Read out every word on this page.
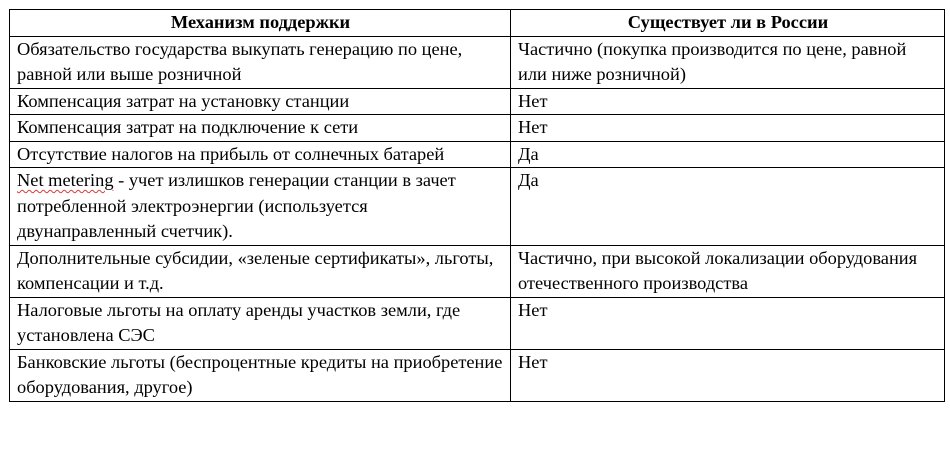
Механизм поддержки	Существует ли в России
Обязательство государства выкупать генерацию по цене, равной или выше розничной	Частично (покупка производится по цене, равной или ниже розничной)
Компенсация затрат на установку станции	Нет
Компенсация затрат на подключение к сети	Нет
Отсутствие налогов на прибыль от солнечных батарей	Да
Net metering - учет излишков генерации станции в зачет потребленной электроэнергии (используется двунаправленный счетчик).	Да
Дополнительные субсидии, «зеленые сертификаты», льготы, компенсации и т.д.	Частично, при высокой локализации оборудования отечественного производства
Налоговые льготы на оплату аренды участков земли, где установлена СЭС	Нет
Банковские льготы (беспроцентные кредиты на приобретение оборудования, другое)	Нет
